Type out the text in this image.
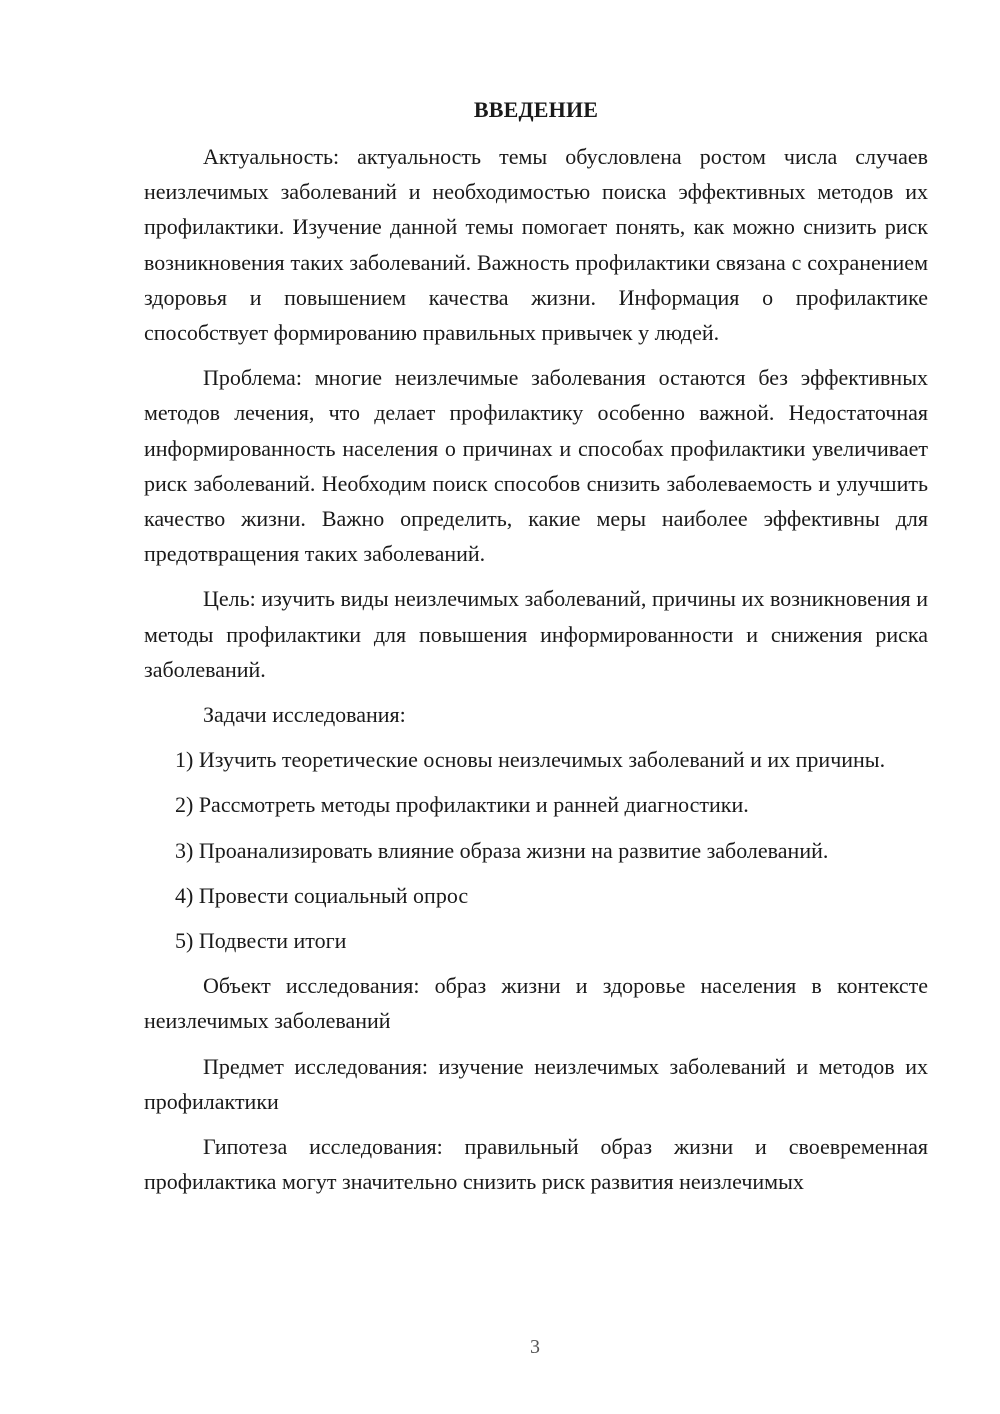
ВВЕДЕНИЕ

Актуальность: актуальность темы обусловлена ростом числа случаев неизлечимых заболеваний и необходимостью поиска эффективных методов их профилактики. Изучение данной темы помогает понять, как можно снизить риск возникновения таких заболеваний. Важность профилактики связана с сохранением здоровья и повышением качества жизни. Информация о профилактике способствует формированию правильных привычек у людей.

Проблема: многие неизлечимые заболевания остаются без эффективных методов лечения, что делает профилактику особенно важной. Недостаточная информированность населения о причинах и способах профилактики увеличивает риск заболеваний. Необходим поиск способов снизить заболеваемость и улучшить качество жизни. Важно определить, какие меры наиболее эффективны для предотвращения таких заболеваний.

Цель: изучить виды неизлечимых заболеваний, причины их возникновения и методы профилактики для повышения информированности и снижения риска заболеваний.

Задачи исследования:

1) Изучить теоретические основы неизлечимых заболеваний и их причины.

2) Рассмотреть методы профилактики и ранней диагностики.

3) Проанализировать влияние образа жизни на развитие заболеваний.

4) Провести социальный опрос

5) Подвести итоги

Объект исследования: образ жизни и здоровье населения в контексте неизлечимых заболеваний

Предмет исследования: изучение неизлечимых заболеваний и методов их профилактики

Гипотеза исследования: правильный образ жизни и своевременная профилактика могут значительно снизить риск развития неизлечимых

3
